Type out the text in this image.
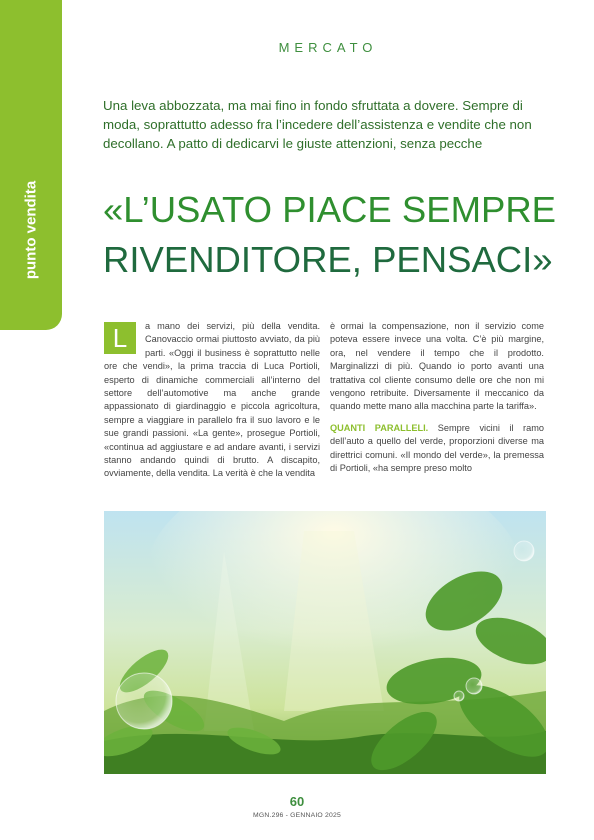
punto vendita
MERCATO
Una leva abbozzata, ma mai fino in fondo sfruttata a dovere. Sempre di moda, soprattutto adesso fra l’incedere dell’assistenza e vendite che non decollano. A patto di dedicarvi le giuste attenzioni, senza pecche
«L’USATO PIACE SEMPRE
RIVENDITORE, PENSACI»

L	a mano dei servizi, più della vendita. Canovaccio ormai piuttosto avviato, da più parti. «Oggi il business è soprattutto nelle ore che vendi», la prima traccia di Luca Portioli, esperto di dinamiche commerciali all’interno del settore dell’automotive ma anche grande appassionato di giardinaggio e piccola agricoltura, sempre a viaggiare in parallelo fra il suo lavoro e le sue grandi passioni. «La gente», prosegue Portioli, «continua ad aggiustare e ad andare avanti, i servizi stanno andando quindi di brutto. A discapito, ovviamente, della vendita. La verità è che la vendita

è ormai la compensazione, non il servizio come poteva essere invece una volta. C’è più margine, ora, nel vendere il tempo che il prodotto. Marginalizzi di più. Quando io porto avanti una trattativa col cliente consumo delle ore che non mi vengono retribuite. Diversamente il meccanico da quando mette mano alla macchina parte la tariffa».

QUANTI PARALLELI. Sempre vicini il ramo dell’auto a quello del verde, proporzioni diverse ma direttrici comuni. «Il mondo del verde», la premessa di Portioli, «ha sempre preso molto

60
MGN.296 - GENNAIO 2025
